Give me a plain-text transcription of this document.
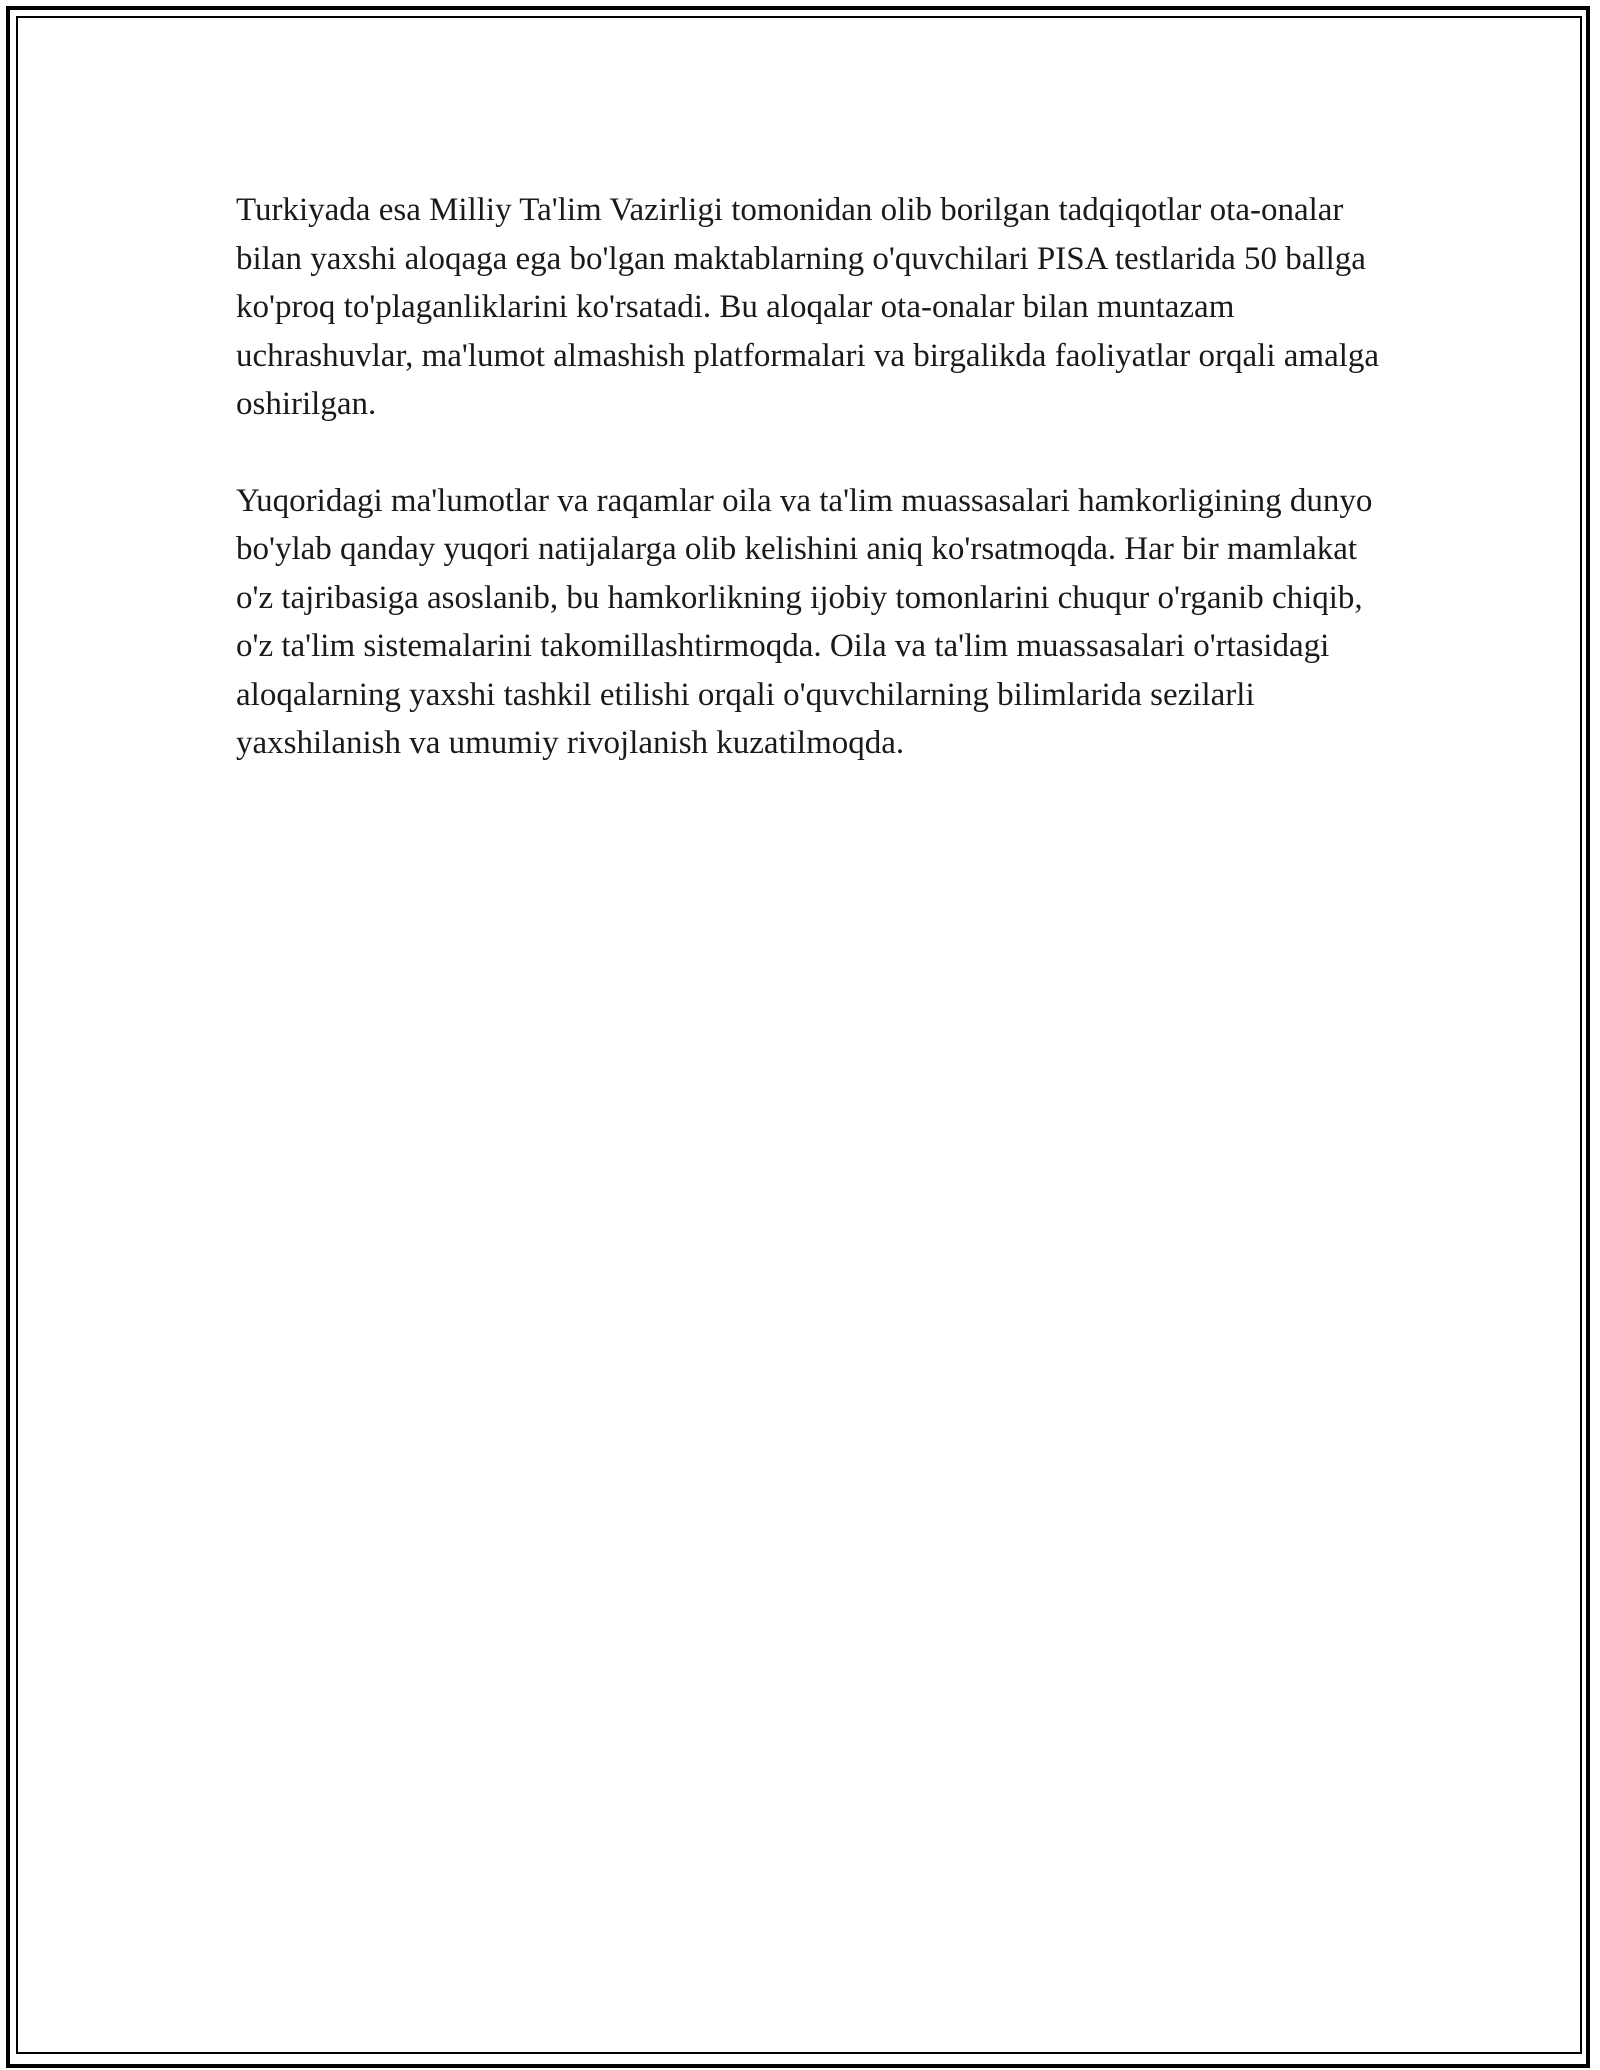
Turkiyada esa Milliy Ta'lim Vazirligi tomonidan olib borilgan tadqiqotlar ota-onalar bilan yaxshi aloqaga ega bo'lgan maktablarning o'quvchilari PISA testlarida 50 ballga ko'proq to'plaganliklarini ko'rsatadi. Bu aloqalar ota-onalar bilan muntazam uchrashuvlar, ma'lumot almashish platformalari va birgalikda faoliyatlar orqali amalga oshirilgan.

Yuqoridagi ma'lumotlar va raqamlar oila va ta'lim muassasalari hamkorligining dunyo bo'ylab qanday yuqori natijalarga olib kelishini aniq ko'rsatmoqda. Har bir mamlakat o'z tajribasiga asoslanib, bu hamkorlikning ijobiy tomonlarini chuqur o'rganib chiqib, o'z ta'lim sistemalarini takomillashtirmoqda. Oila va ta'lim muassasalari o'rtasidagi aloqalarning yaxshi tashkil etilishi orqali o'quvchilarning bilimlarida sezilarli yaxshilanish va umumiy rivojlanish kuzatilmoqda.
